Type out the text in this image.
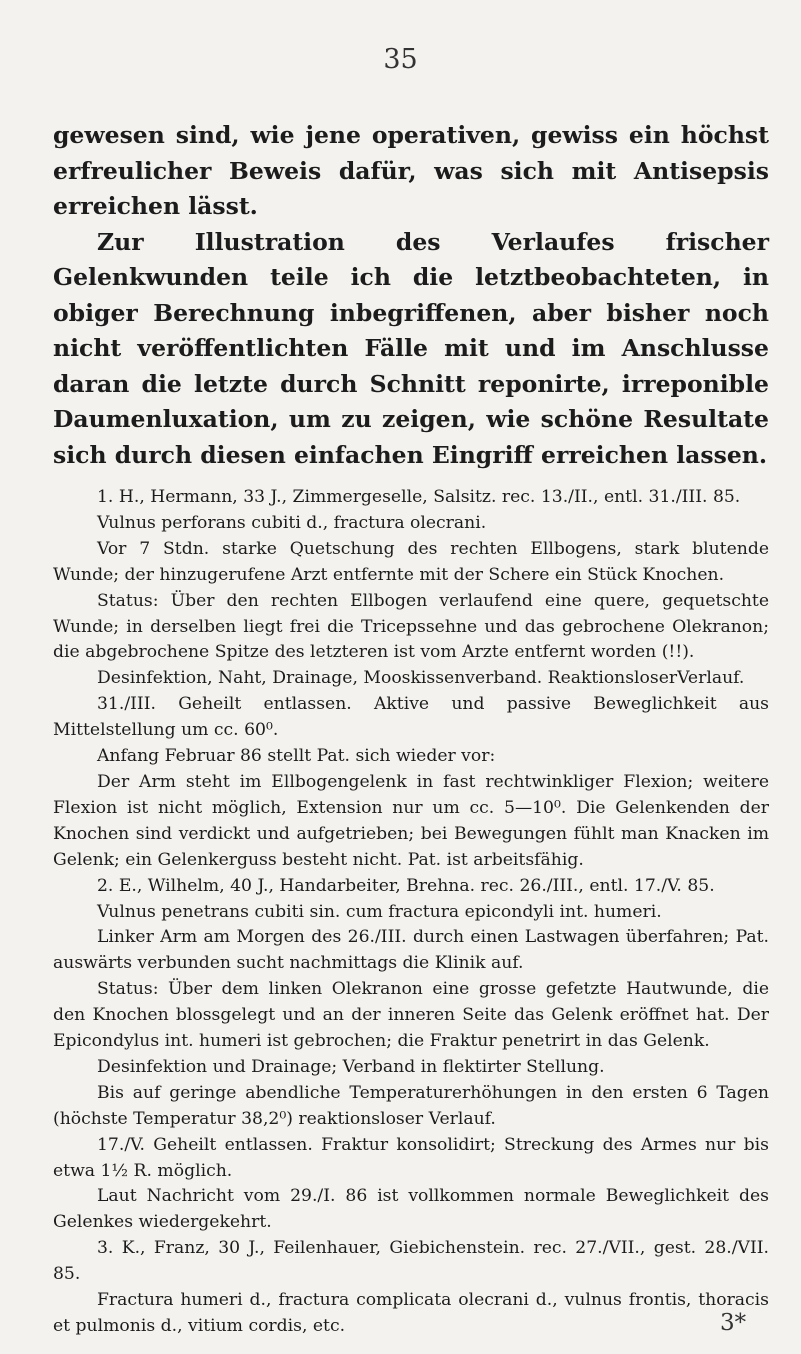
35

gewesen sind, wie jene operativen, gewiss ein höchst erfreulicher Beweis dafür, was sich mit Antisepsis erreichen lässt.

Zur Illustration des Verlaufes frischer Gelenkwunden teile ich die letztbeobachteten, in obiger Berechnung inbegriffenen, aber bisher noch nicht veröffentlichten Fälle mit und im Anschlusse daran die letzte durch Schnitt reponirte, irreponible Daumenluxation, um zu zeigen, wie schöne Resultate sich durch diesen einfachen Eingriff erreichen lassen.

1. H., Hermann, 33 J., Zimmergeselle, Salsitz. rec. 13./II., entl. 31./III. 85.

Vulnus perforans cubiti d., fractura olecrani.

Vor 7 Stdn. starke Quetschung des rechten Ellbogens, stark blutende Wunde; der hinzugerufene Arzt entfernte mit der Schere ein Stück Knochen.

Status: Über den rechten Ellbogen verlaufend eine quere, gequetschte Wunde; in derselben liegt frei die Tricepssehne und das gebrochene Olekranon; die abgebrochene Spitze des letzteren ist vom Arzte entfernt worden (!!).

Desinfektion, Naht, Drainage, Mooskissenverband. ReaktionsloserVerlauf.

31./III. Geheilt entlassen. Aktive und passive Beweglichkeit aus Mittelstellung um cc. 60⁰.

Anfang Februar 86 stellt Pat. sich wieder vor:

Der Arm steht im Ellbogengelenk in fast rechtwinkliger Flexion; weitere Flexion ist nicht möglich, Extension nur um cc. 5—10⁰. Die Gelenkenden der Knochen sind verdickt und aufgetrieben; bei Bewegungen fühlt man Knacken im Gelenk; ein Gelenkerguss besteht nicht. Pat. ist arbeitsfähig.

2. E., Wilhelm, 40 J., Handarbeiter, Brehna. rec. 26./III., entl. 17./V. 85.

Vulnus penetrans cubiti sin. cum fractura epicondyli int. humeri.

Linker Arm am Morgen des 26./III. durch einen Lastwagen überfahren; Pat. auswärts verbunden sucht nachmittags die Klinik auf.

Status: Über dem linken Olekranon eine grosse gefetzte Hautwunde, die den Knochen blossgelegt und an der inneren Seite das Gelenk eröffnet hat. Der Epicondylus int. humeri ist gebrochen; die Fraktur penetrirt in das Gelenk.

Desinfektion und Drainage; Verband in flektirter Stellung.

Bis auf geringe abendliche Temperaturerhöhungen in den ersten 6 Tagen (höchste Temperatur 38,2⁰) reaktionsloser Verlauf.

17./V. Geheilt entlassen. Fraktur konsolidirt; Streckung des Armes nur bis etwa 1½ R. möglich.

Laut Nachricht vom 29./I. 86 ist vollkommen normale Beweglichkeit des Gelenkes wiedergekehrt.

3. K., Franz, 30 J., Feilenhauer, Giebichenstein. rec. 27./VII., gest. 28./VII. 85.

Fractura humeri d., fractura complicata olecrani d., vulnus frontis, thoracis et pulmonis d., vitium cordis, etc.	3*
